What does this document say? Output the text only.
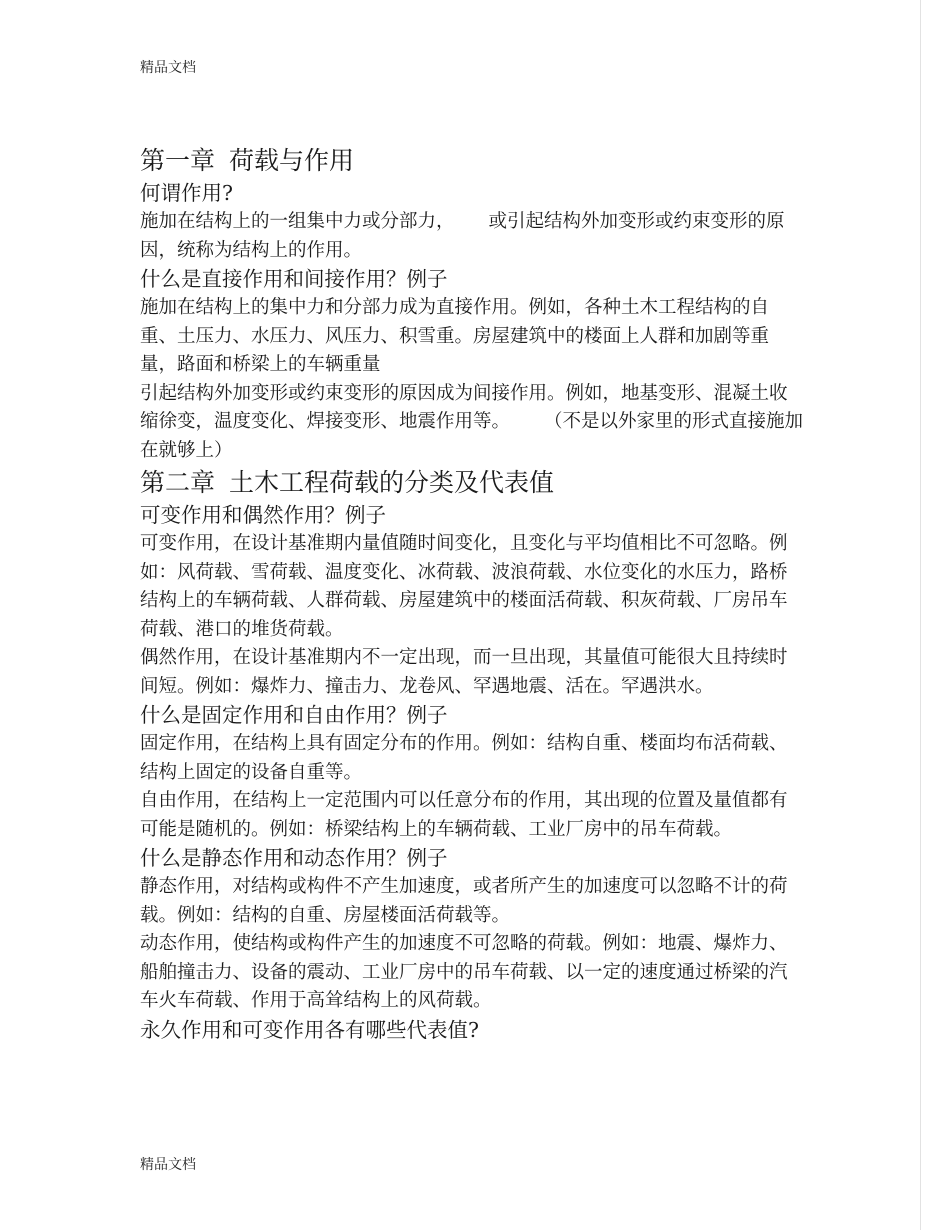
精品文档
第一章 荷载与作用

何谓作用?

施加在结构上的一组集中力或分部力， 或引起结构外加变形或约束变形的原因，统称为结构上的作用。

什么是直接作用和间接作用？例子

施加在结构上的集中力和分部力成为直接作用。例如，各种土木工程结构的自重、土压力、水压力、风压力、积雪重。房屋建筑中的楼面上人群和加剧等重量，路面和桥梁上的车辆重量

引起结构外加变形或约束变形的原因成为间接作用。例如，地基变形、混凝土收缩徐变，温度变化、焊接变形、地震作用等。 （不是以外家里的形式直接施加在就够上）

第二章 土木工程荷载的分类及代表值

可变作用和偶然作用？例子

可变作用，在设计基准期内量值随时间变化，且变化与平均值相比不可忽略。例如：风荷载、雪荷载、温度变化、冰荷载、波浪荷载、水位变化的水压力，路桥结构上的车辆荷载、人群荷载、房屋建筑中的楼面活荷载、积灰荷载、厂房吊车荷载、港口的堆货荷载。

偶然作用，在设计基准期内不一定出现，而一旦出现，其量值可能很大且持续时间短。例如：爆炸力、撞击力、龙卷风、罕遇地震、活在。罕遇洪水。

什么是固定作用和自由作用？例子

固定作用，在结构上具有固定分布的作用。例如：结构自重、楼面均布活荷载、结构上固定的设备自重等。

自由作用，在结构上一定范围内可以任意分布的作用，其出现的位置及量值都有可能是随机的。例如：桥梁结构上的车辆荷载、工业厂房中的吊车荷载。

什么是静态作用和动态作用？例子

静态作用，对结构或构件不产生加速度，或者所产生的加速度可以忽略不计的荷载。例如：结构的自重、房屋楼面活荷载等。

动态作用，使结构或构件产生的加速度不可忽略的荷载。例如：地震、爆炸力、船舶撞击力、设备的震动、工业厂房中的吊车荷载、以一定的速度通过桥梁的汽车火车荷载、作用于高耸结构上的风荷载。

永久作用和可变作用各有哪些代表值?

精品文档
